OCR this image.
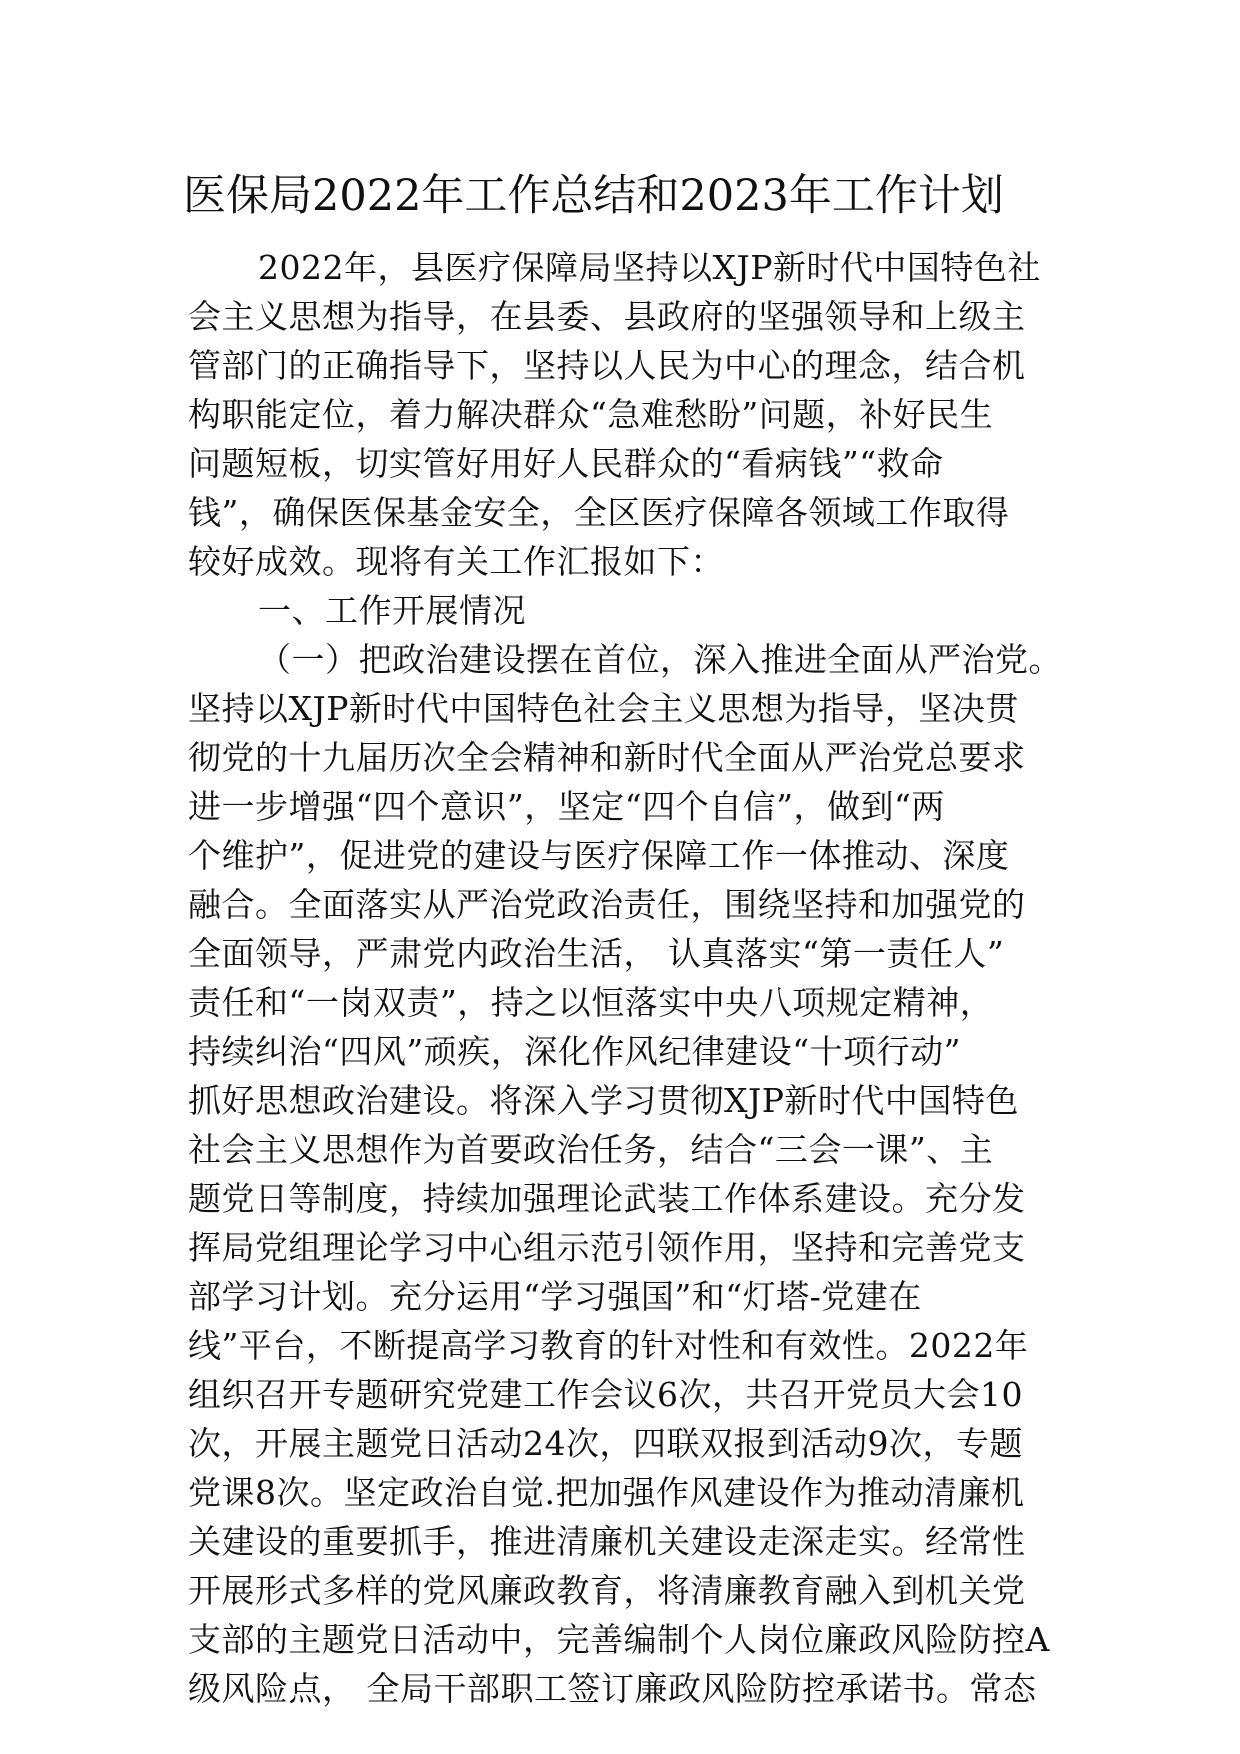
医保局2022年工作总结和2023年工作计划
2022年，县医疗保障局坚持以XJP新时代中国特色社
会主义思想为指导，在县委、县政府的坚强领导和上级主
管部门的正确指导下，坚持以人民为中心的理念，结合机
构职能定位，着力解决群众“急难愁盼”问题，补好民生
问题短板，切实管好用好人民群众的“看病钱”“救命
钱”，确保医保基金安全，全区医疗保障各领域工作取得
较好成效。现将有关工作汇报如下：
一、工作开展情况
（一）把政治建设摆在首位，深入推进全面从严治党。
坚持以XJP新时代中国特色社会主义思想为指导，坚决贯
彻党的十九届历次全会精神和新时代全面从严治党总要求
进一步增强“四个意识”，坚定“四个自信”，做到“两
个维护”，促进党的建设与医疗保障工作一体推动、深度
融合。全面落实从严治党政治责任，围绕坚持和加强党的
全面领导，严肃党内政治生活， 认真落实“第一责任人”
责任和“一岗双责”，持之以恒落实中央八项规定精神，
持续纠治“四风”顽疾，深化作风纪律建设“十项行动”
抓好思想政治建设。将深入学习贯彻XJP新时代中国特色
社会主义思想作为首要政治任务，结合“三会一课”、主
题党日等制度，持续加强理论武装工作体系建设。充分发
挥局党组理论学习中心组示范引领作用，坚持和完善党支
部学习计划。充分运用“学习强国”和“灯塔-党建在
线”平台，不断提高学习教育的针对性和有效性。2022年
组织召开专题研究党建工作会议6次，共召开党员大会10
次，开展主题党日活动24次，四联双报到活动9次，专题
党课8次。坚定政治自觉.把加强作风建设作为推动清廉机
关建设的重要抓手，推进清廉机关建设走深走实。经常性
开展形式多样的党风廉政教育，将清廉教育融入到机关党
支部的主题党日活动中，完善编制个人岗位廉政风险防控A
级风险点， 全局干部职工签订廉政风险防控承诺书。常态
